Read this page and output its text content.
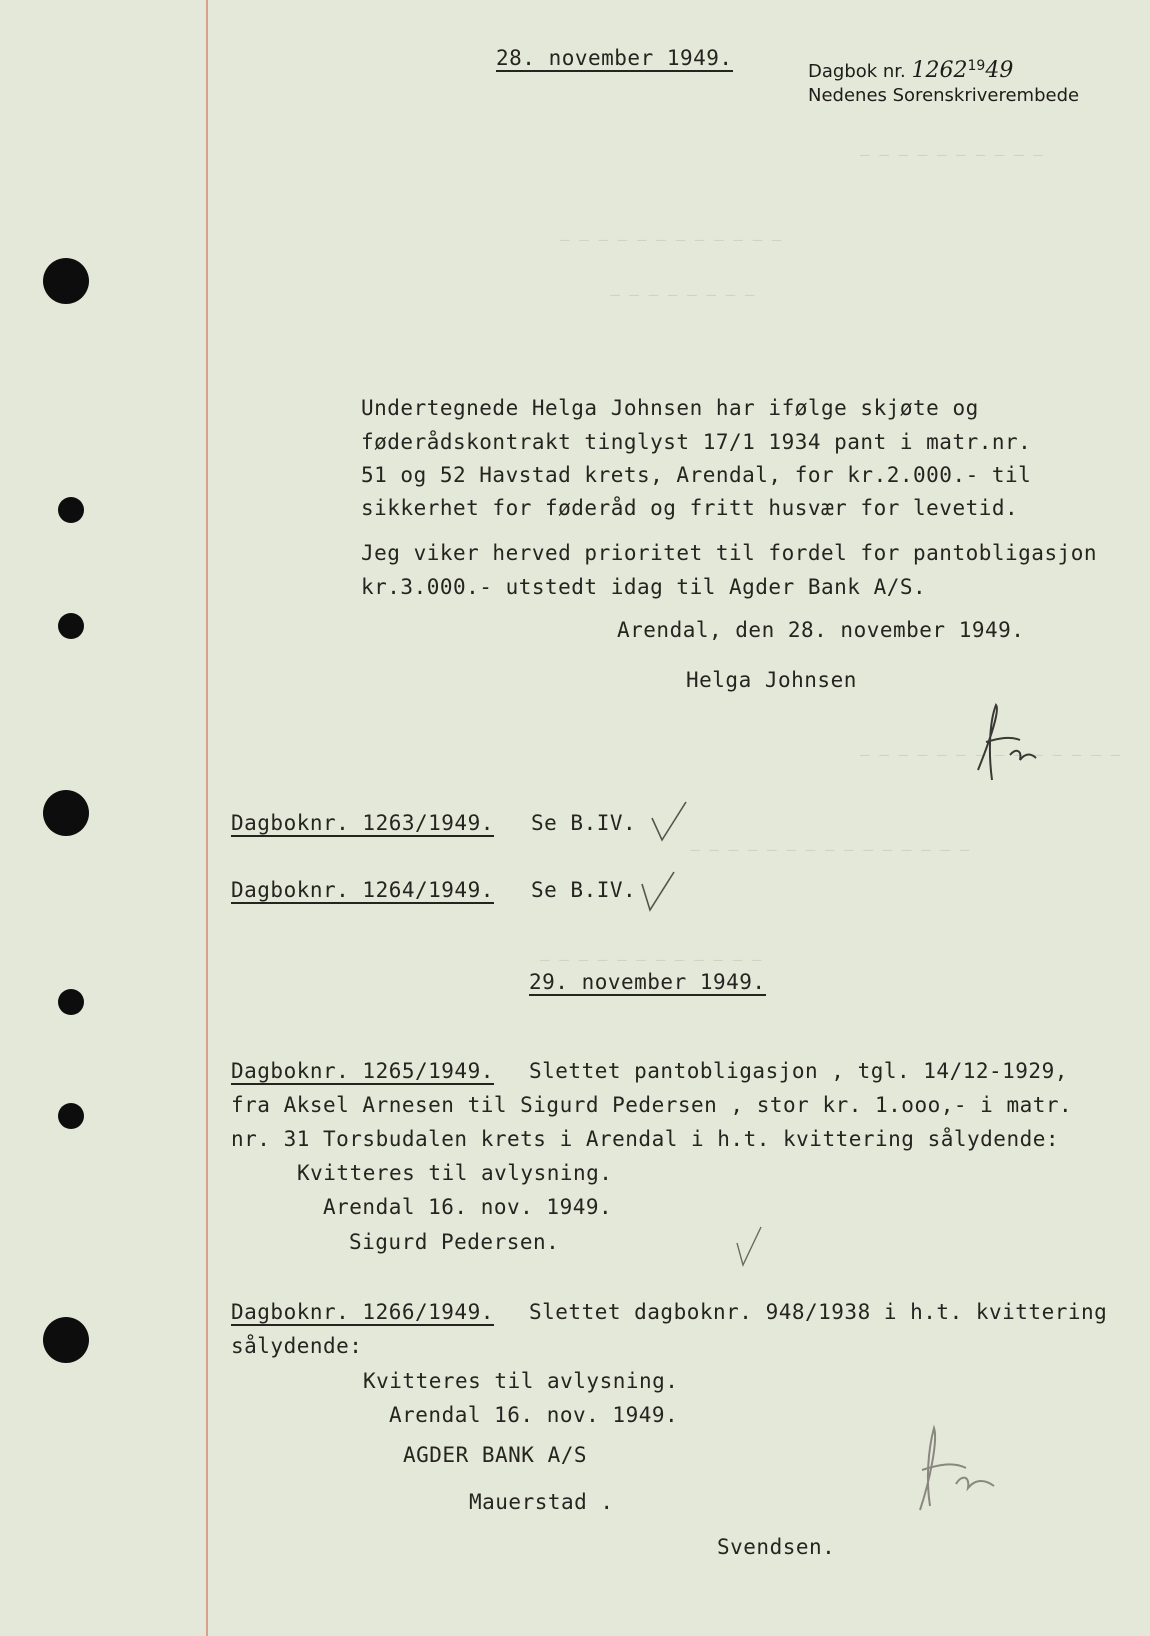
— — — — — — — — — —
— — — — — — — — — — — —
— — — — — — — —
— — — — — — — — — — — — — —
— — — — — — — — — — — — — — —
— — — — — — — — — — — —
28. november 1949.
Dagbok nr. 1262$^{19}$49
Nedenes Sorenskriverembede
Undertegnede Helga Johnsen har ifølge skjøte og
føderådskontrakt tinglyst 17/1 1934 pant i matr.nr.
51 og 52 Havstad krets, Arendal, for kr.2.000.- til
sikkerhet for føderåd og fritt husvær for levetid.
Jeg viker herved prioritet til fordel for pantobligasjon
kr.3.000.- utstedt idag til Agder Bank A/S.
Arendal, den 28. november 1949.
Helga Johnsen
Dagboknr. 1263/1949. Se B.IV.
Dagboknr. 1264/1949. Se B.IV.
29. november 1949.
Dagboknr. 1265/1949. Slettet pantobligasjon , tgl. 14/12-1929,
fra Aksel Arnesen til Sigurd Pedersen , stor kr. 1.ooo,- i matr.
nr. 31 Torsbudalen krets i Arendal i h.t. kvittering sålydende:
Kvitteres til avlysning.
Arendal 16. nov. 1949.
Sigurd Pedersen.
Dagboknr. 1266/1949. Slettet dagboknr. 948/1938 i h.t. kvittering
sålydende:
Kvitteres til avlysning.
Arendal 16. nov. 1949.
AGDER BANK A/S
Mauerstad .
Svendsen.
